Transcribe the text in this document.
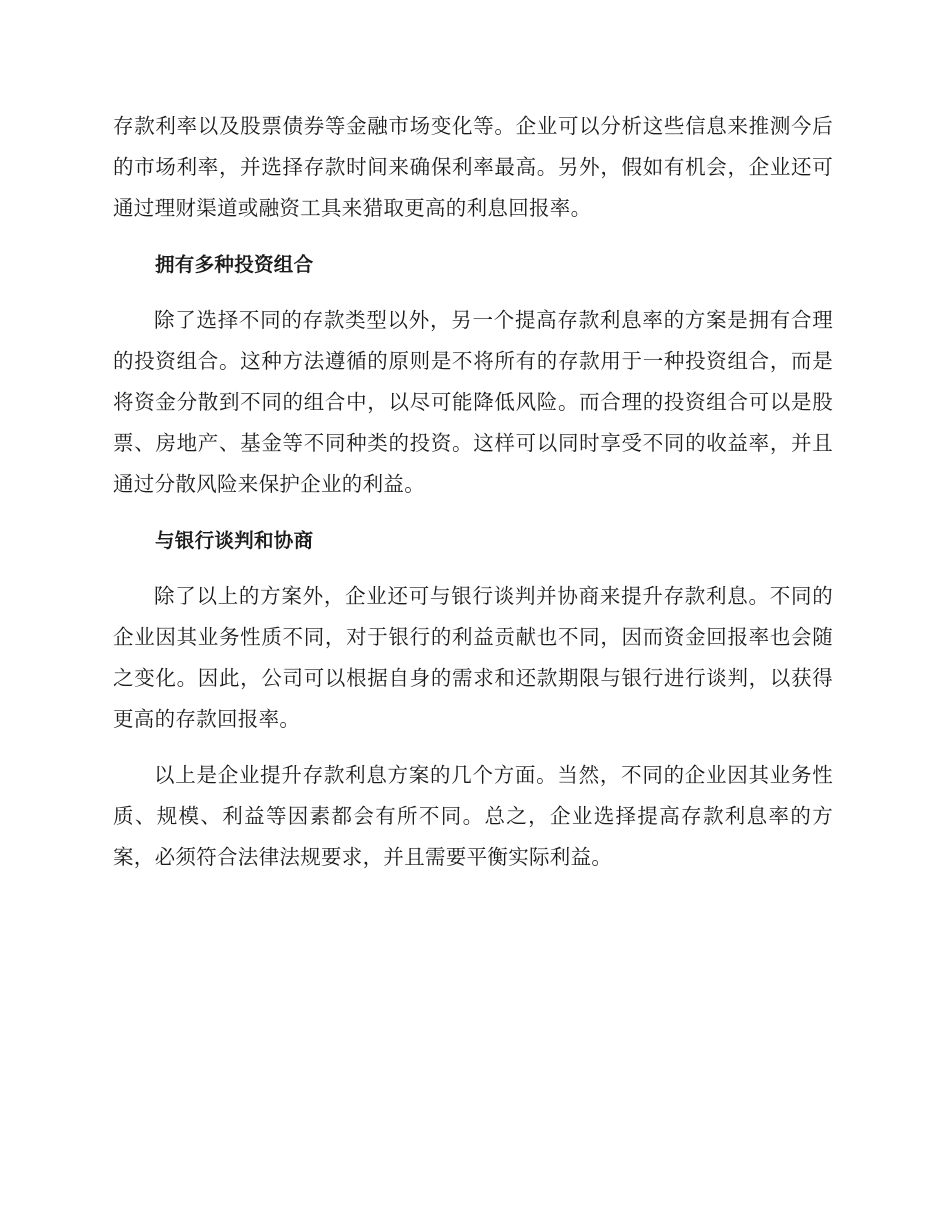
存款利率以及股票债券等金融市场变化等。企业可以分析这些信息来推测今后的市场利率，并选择存款时间来确保利率最高。另外，假如有机会，企业还可通过理财渠道或融资工具来猎取更高的利息回报率。

拥有多种投资组合

除了选择不同的存款类型以外，另一个提高存款利息率的方案是拥有合理的投资组合。这种方法遵循的原则是不将所有的存款用于一种投资组合，而是将资金分散到不同的组合中，以尽可能降低风险。而合理的投资组合可以是股票、房地产、基金等不同种类的投资。这样可以同时享受不同的收益率，并且通过分散风险来保护企业的利益。

与银行谈判和协商

除了以上的方案外，企业还可与银行谈判并协商来提升存款利息。不同的企业因其业务性质不同，对于银行的利益贡献也不同，因而资金回报率也会随之变化。因此，公司可以根据自身的需求和还款期限与银行进行谈判，以获得更高的存款回报率。

以上是企业提升存款利息方案的几个方面。当然，不同的企业因其业务性质、规模、利益等因素都会有所不同。总之，企业选择提高存款利息率的方案，必须符合法律法规要求，并且需要平衡实际利益。
